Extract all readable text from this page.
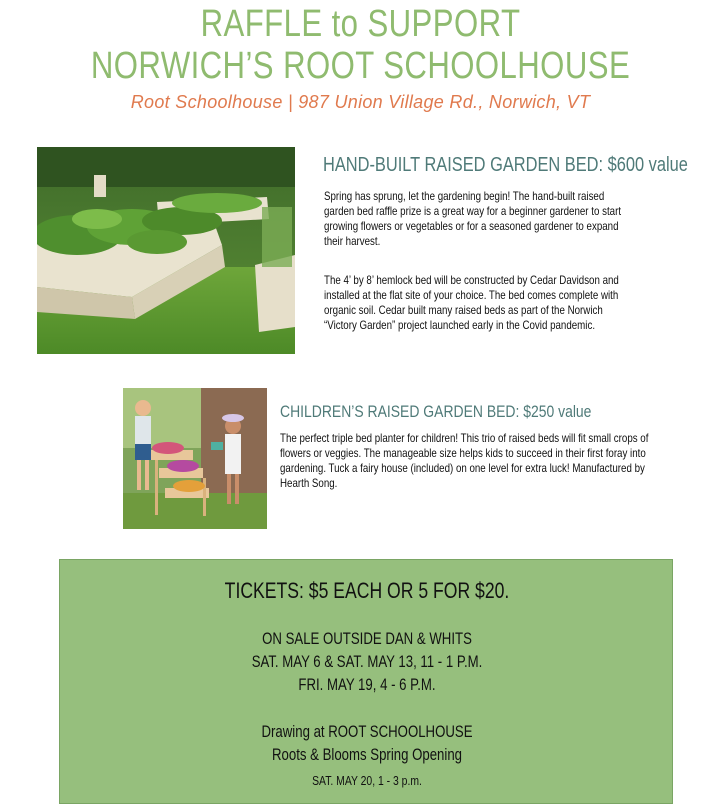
RAFFLE to SUPPORT
NORWICH’S ROOT SCHOOLHOUSE
Root Schoolhouse | 987 Union Village Rd., Norwich, VT
HAND-BUILT RAISED GARDEN BED: $600 value
Spring has sprung, let the gardening begin! The hand-built raised garden bed raffle prize is a great way for a beginner gardener to start growing flowers or vegetables or for a seasoned gardener to expand their harvest.
The 4’ by 8’ hemlock bed will be constructed by Cedar Davidson and installed at the flat site of your choice. The bed comes complete with organic soil. Cedar built many raised beds as part of the Norwich “Victory Garden” project launched early in the Covid pandemic.
CHILDREN’S RAISED GARDEN BED: $250 value
The perfect triple bed planter for children! This trio of raised beds will fit small crops of flowers or veggies. The manageable size helps kids to succeed in their first foray into gardening. Tuck a fairy house (included) on one level for extra luck! Manufactured by Hearth Song.
TICKETS: $5 EACH OR 5 FOR $20.
ON SALE OUTSIDE DAN & WHITS
SAT. MAY 6 & SAT. MAY 13, 11 - 1 P.M.
FRI. MAY 19, 4 - 6 P.M.
Drawing at ROOT SCHOOLHOUSE
Roots & Blooms Spring Opening
SAT. MAY 20, 1 - 3 p.m.
